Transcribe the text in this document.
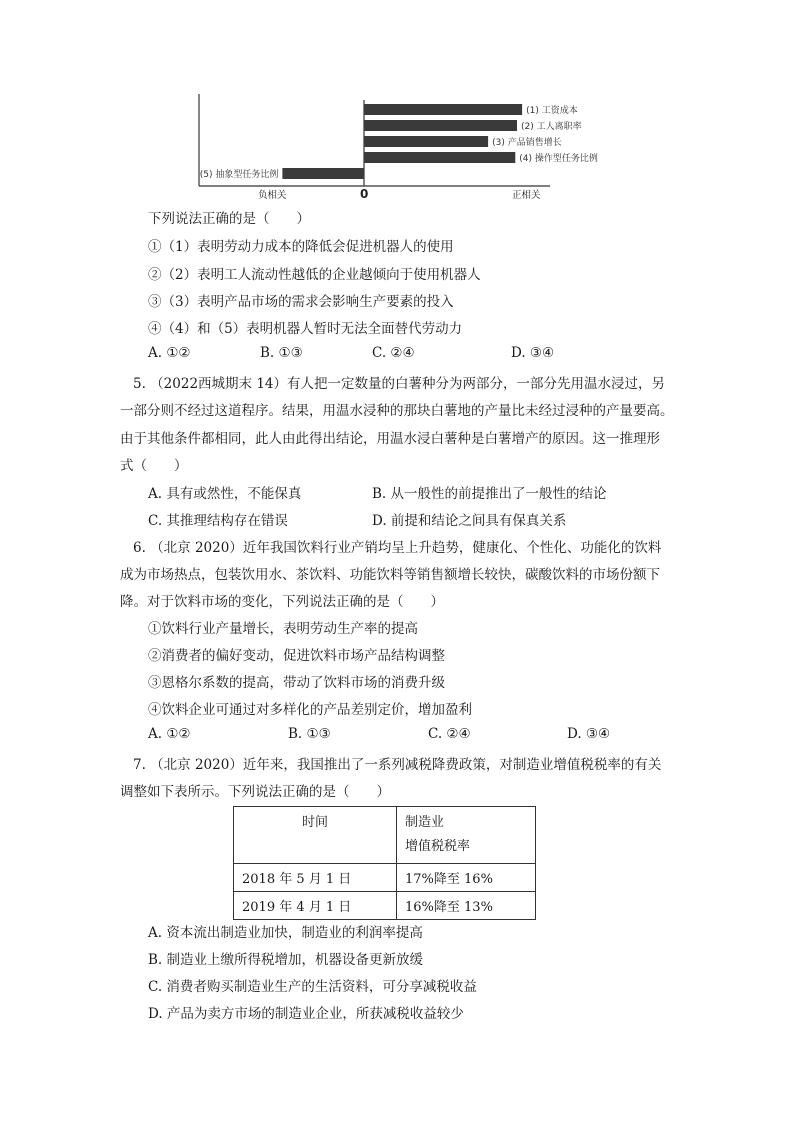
(1) 工资成本
(2) 工人离职率
(3) 产品销售增长
(4) 操作型任务比例
(5) 抽象型任务比例
负相关	0	正相关
下列说法正确的是（　　）
①（1）表明劳动力成本的降低会促进机器人的使用
②（2）表明工人流动性越低的企业越倾向于使用机器人
③（3）表明产品市场的需求会影响生产要素的投入
④（4）和（5）表明机器人暂时无法全面替代劳动力
A. ①②	B. ①③	C. ②④	D. ③④
5. （2022西城期末 14）有人把一定数量的白薯种分为两部分，一部分先用温水浸过，另
一部分则不经过这道程序。结果，用温水浸种的那块白薯地的产量比未经过浸种的产量要高。
由于其他条件都相同，此人由此得出结论，用温水浸白薯种是白薯增产的原因。这一推理形
式（　　）
A. 具有或然性，不能保真	B. 从一般性的前提推出了一般性的结论
C. 其推理结构存在错误	D. 前提和结论之间具有保真关系
6. （北京 2020）近年我国饮料行业产销均呈上升趋势，健康化、个性化、功能化的饮料
成为市场热点，包装饮用水、茶饮料、功能饮料等销售额增长较快，碳酸饮料的市场份额下
降。对于饮料市场的变化，下列说法正确的是（　　）
①饮料行业产量增长，表明劳动生产率的提高
②消费者的偏好变动，促进饮料市场产品结构调整
③恩格尔系数的提高，带动了饮料市场的消费升级
④饮料企业可通过对多样化的产品差别定价，增加盈利
A. ①②	B. ①③	C. ②④	D. ③④
7. （北京 2020）近年来，我国推出了一系列减税降费政策，对制造业增值税税率的有关
调整如下表所示。下列说法正确的是（　　）
时间	制造业
增值税税率

2018 年 5 月 1 日	17%降至 16%
2019 年 4 月 1 日	16%降至 13%
A. 资本流出制造业加快，制造业的利润率提高
B. 制造业上缴所得税增加，机器设备更新放缓
C. 消费者购买制造业生产的生活资料，可分享减税收益
D. 产品为卖方市场的制造业企业，所获减税收益较少
